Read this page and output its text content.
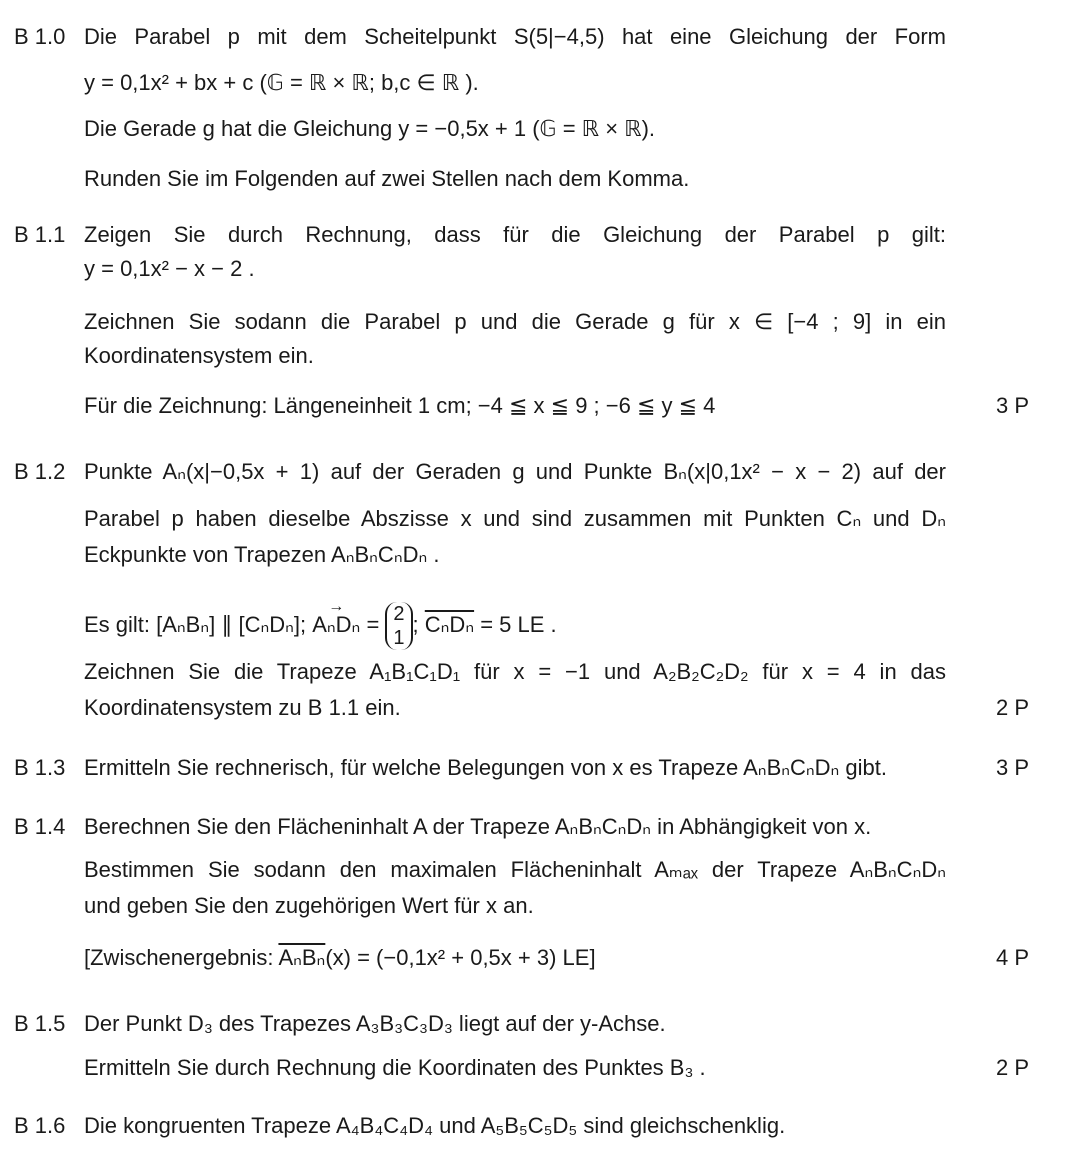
B 1.0 Die Parabel p mit dem Scheitelpunkt S(5|−4,5) hat eine Gleichung der Form
y = 0,1x² + bx + c (𝔾 = ℝ × ℝ; b,c ∈ ℝ ).
Die Gerade g hat die Gleichung y = −0,5x + 1 (𝔾 = ℝ × ℝ).
Runden Sie im Folgenden auf zwei Stellen nach dem Komma.
B 1.1 Zeigen Sie durch Rechnung, dass für die Gleichung der Parabel p gilt:
y = 0,1x² − x − 2 .
Zeichnen Sie sodann die Parabel p und die Gerade g für x ∈ [−4 ; 9] in ein
Koordinatensystem ein.
Für die Zeichnung: Längeneinheit 1 cm; −4 ≦ x ≦ 9 ; −6 ≦ y ≦ 4	3 P
B 1.2 Punkte Aₙ(x|−0,5x + 1) auf der Geraden g und Punkte Bₙ(x|0,1x² − x − 2) auf der
Parabel p haben dieselbe Abszisse x und sind zusammen mit Punkten Cₙ und Dₙ
Eckpunkte von Trapezen AₙBₙCₙDₙ .
Es gilt: [AₙBₙ] ∥ [CₙDₙ]; → AₙDₙ = 2
1; CₙDₙ = 5 LE .
Zeichnen Sie die Trapeze A₁B₁C₁D₁ für x = −1 und A₂B₂C₂D₂ für x = 4 in das
Koordinatensystem zu B 1.1 ein.	2 P
B 1.3 Ermitteln Sie rechnerisch, für welche Belegungen von x es Trapeze AₙBₙCₙDₙ gibt.	3 P
B 1.4 Berechnen Sie den Flächeninhalt A der Trapeze AₙBₙCₙDₙ in Abhängigkeit von x.
Bestimmen Sie sodann den maximalen Flächeninhalt Aₘₐₓ der Trapeze AₙBₙCₙDₙ
und geben Sie den zugehörigen Wert für x an.
[Zwischenergebnis: AₙBₙ(x) = (−0,1x² + 0,5x + 3) LE]	4 P
B 1.5 Der Punkt D₃ des Trapezes A₃B₃C₃D₃ liegt auf der y-Achse.
Ermitteln Sie durch Rechnung die Koordinaten des Punktes B₃ .	2 P
B 1.6 Die kongruenten Trapeze A₄B₄C₄D₄ und A₅B₅C₅D₅ sind gleichschenklig.
